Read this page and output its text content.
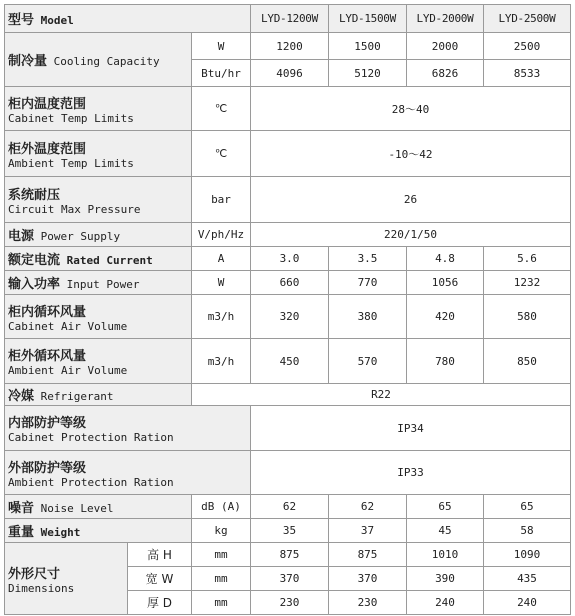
型号 Model			LYD-1200W	LYD-1500W	LYD-2000W	LYD-2500W
制冷量 Cooling Capacity		W	1200	1500	2000	2500
		Btu/hr	4096	5120	6826	8533
柜内温度范围
Cabinet Temp Limits		℃	28～40			
柜外温度范围
Ambient Temp Limits		℃	-10～42			
系统耐压
Circuit Max Pressure		bar	26			
电源 Power Supply		V/ph/Hz	220/1/50			
额定电流 Rated Current		A	3.0	3.5	4.8	5.6
输入功率 Input Power		W	660	770	1056	1232
柜内循环风量
Cabinet Air Volume		m3/h	320	380	420	580
柜外循环风量
Ambient Air Volume		m3/h	450	570	780	850
冷媒 Refrigerant		R22				
内部防护等级
Cabinet Protection Ration			IP34			
外部防护等级
Ambient Protection Ration			IP33			
噪音 Noise Level		dB (A)	62	62	65	65
重量 Weight		kg	35	37	45	58
外形尺寸
Dimensions	高 H	mm	875	875	1010	1090
	宽 W	mm	370	370	390	435
	厚 D	mm	230	230	240	240
